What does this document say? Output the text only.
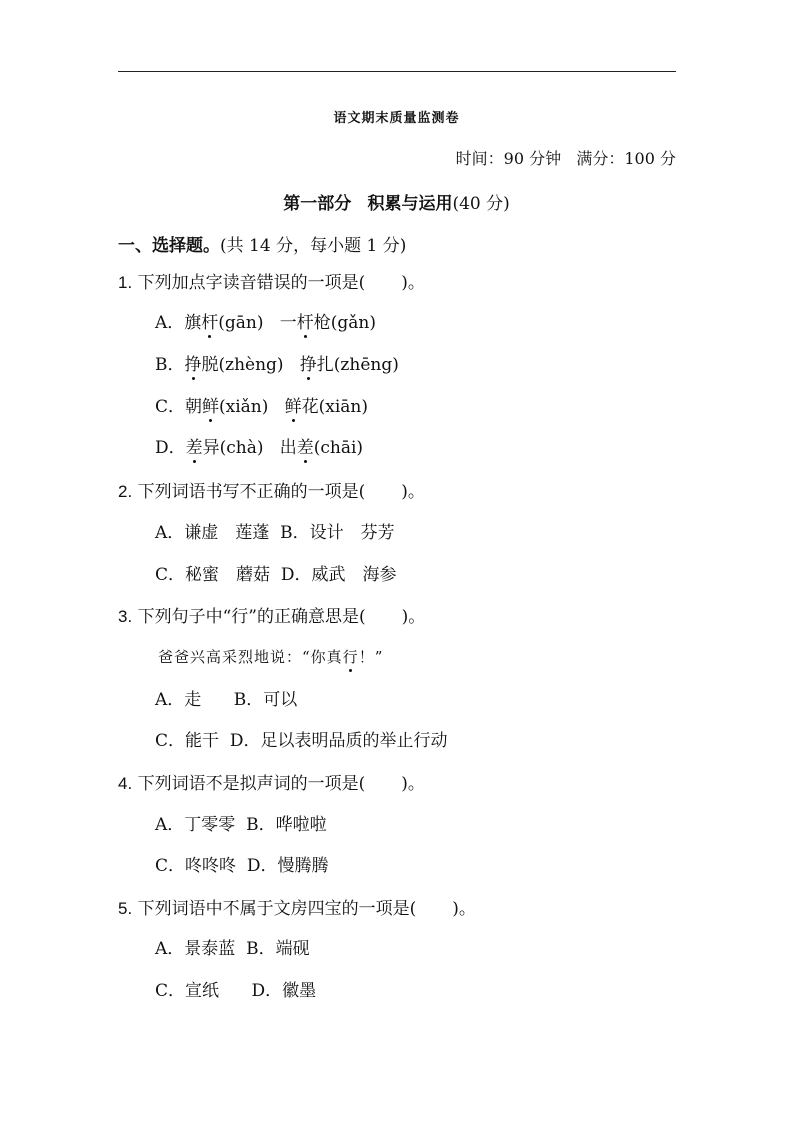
语文期末质量监测卷
时间：90 分钟 满分：100 分
第一部分 积累与运用(40 分)
一、选择题。(共 14 分，每小题 1 分)
1. 下列加点字读音错误的一项是( )。
A．旗杆(gān) 一杆枪(gǎn)
B．挣脱(zhèng) 挣扎(zhēng)
C．朝鲜(xiǎn) 鲜花(xiān)
D．差异(chà) 出差(chāi)
2. 下列词语书写不正确的一项是( )。
A．谦虚　莲蓬 B．设计　芬芳
C．秘蜜　蘑菇 D．威武　海参
3. 下列句子中“行”的正确意思是( )。
爸爸兴高采烈地说：“你真行！”
A．走 B．可以
C．能干 D．足以表明品质的举止行动
4. 下列词语不是拟声词的一项是( )。
A．丁零零 B．哗啦啦
C．咚咚咚 D．慢腾腾
5. 下列词语中不属于文房四宝的一项是( )。
A．景泰蓝 B．端砚
C．宣纸 D．徽墨
